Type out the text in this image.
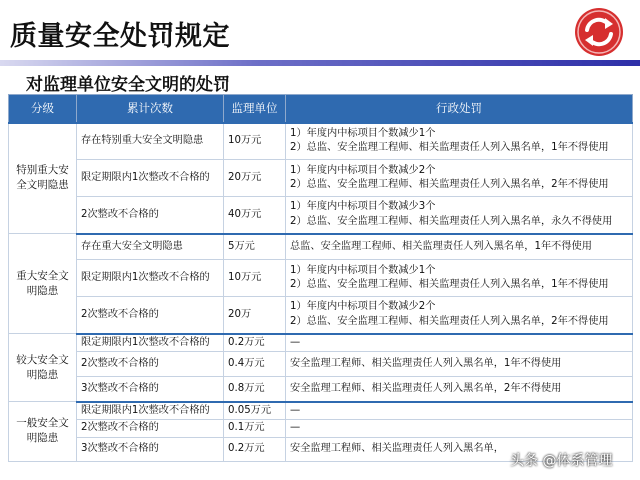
质量安全处罚规定
对监理单位安全文明的处罚
分级	累计次数	监理单位	行政处罚
特别重大安全文明隐患	存在特别重大安全文明隐患	10万元	1）年度内中标项目个数减少1个
2）总监、安全监理工程师、相关监理责任人列入黑名单，1年不得使用

	限定期限内1次整改不合格的	20万元	1）年度内中标项目个数减少2个
2）总监、安全监理工程师、相关监理责任人列入黑名单，2年不得使用

	2次整改不合格的	40万元	1）年度内中标项目个数减少3个
2）总监、安全监理工程师、相关监理责任人列入黑名单，永久不得使用

重大安全文明隐患	存在重大安全文明隐患	5万元	总监、安全监理工程师、相关监理责任人列入黑名单，1年不得使用

	限定期限内1次整改不合格的	10万元	1）年度内中标项目个数减少1个
2）总监、安全监理工程师、相关监理责任人列入黑名单，1年不得使用

	2次整改不合格的	20万	1）年度内中标项目个数减少2个
2）总监、安全监理工程师、相关监理责任人列入黑名单，2年不得使用

较大安全文明隐患	限定期限内1次整改不合格的	0.2万元	—

	2次整改不合格的	0.4万元	安全监理工程师、相关监理责任人列入黑名单，1年不得使用

	3次整改不合格的	0.8万元	安全监理工程师、相关监理责任人列入黑名单，2年不得使用

一般安全文明隐患	限定期限内1次整改不合格的	0.05万元	—

	2次整改不合格的	0.1万元	—

	3次整改不合格的	0.2万元	安全监理工程师、相关监理责任人列入黑名单，
头条 @体系管理
